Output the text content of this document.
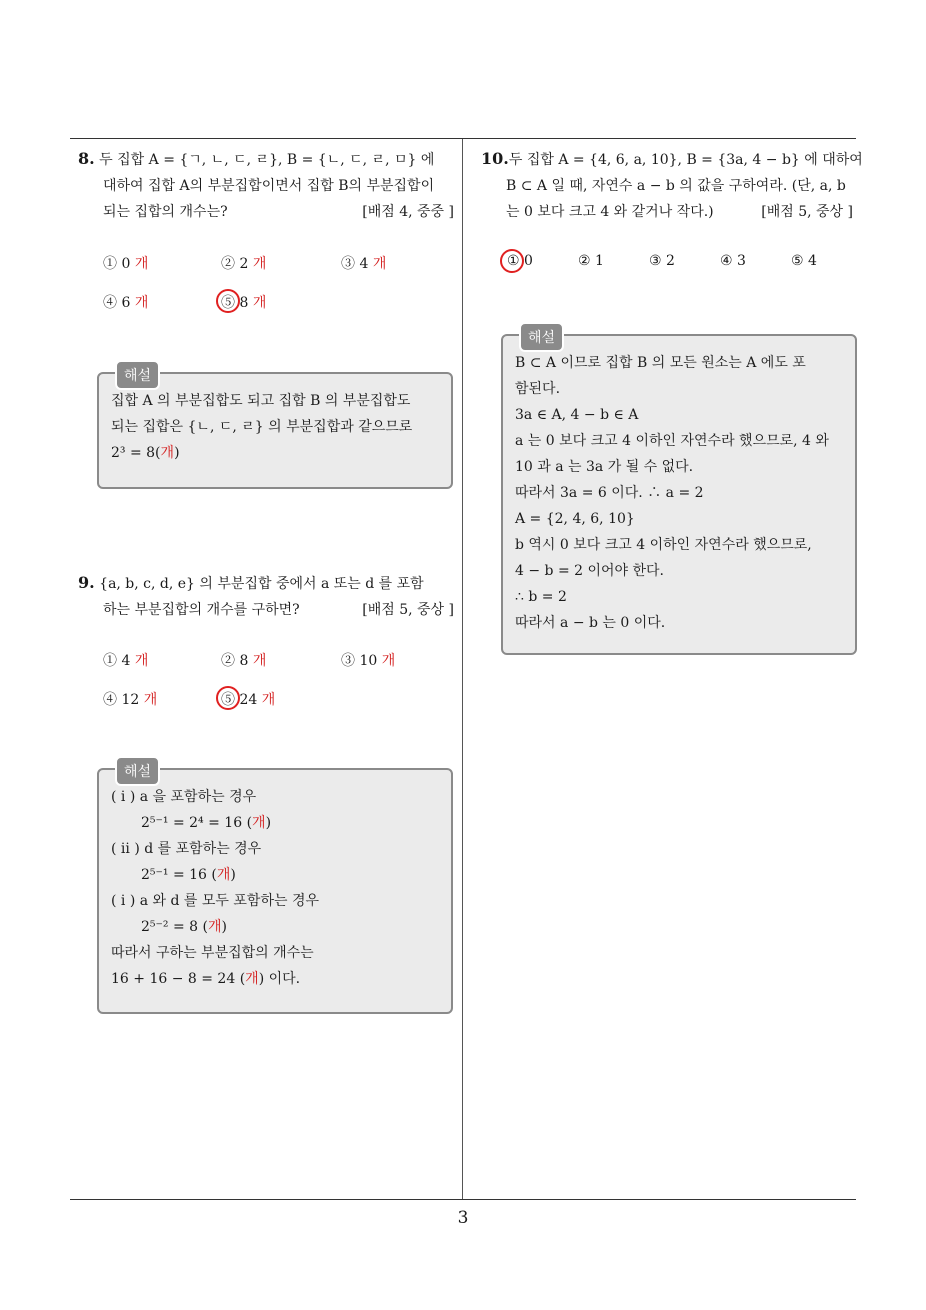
8. 두 집합 A = {ㄱ, ㄴ, ㄷ, ㄹ}, B = {ㄴ, ㄷ, ㄹ, ㅁ} 에
대하여 집합 A의 부분집합이면서 집합 B의 부분집합이
되는 집합의 개수는?	[배점 4, 중중 ]
① 0 개	② 2 개	③ 4 개
④ 6 개	⑤ 8 개
해설
집합 A 의 부분집합도 되고 집합 B 의 부분집합도
되는 집합은 {ㄴ, ㄷ, ㄹ} 의 부분집합과 같으므로
2³ = 8(개)
9. {a, b, c, d, e} 의 부분집합 중에서 a 또는 d 를 포함
하는 부분집합의 개수를 구하면?	[배점 5, 중상 ]
① 4 개	② 8 개	③ 10 개
④ 12 개	⑤ 24 개
해설
( i ) a 을 포함하는 경우
2⁵⁻¹ = 2⁴ = 16 (개)
( ii ) d 를 포함하는 경우
2⁵⁻¹ = 16 (개)
( i ) a 와 d 를 모두 포함하는 경우
2⁵⁻² = 8 (개)
따라서 구하는 부분집합의 개수는
16 + 16 − 8 = 24 (개) 이다.
10.두 집합 A = {4, 6, a, 10}, B = {3a, 4 − b} 에 대하여
B ⊂ A 일 때, 자연수 a − b 의 값을 구하여라. (단, a, b
는 0 보다 크고 4 와 같거나 작다.)	[배점 5, 중상 ]
① 0	② 1	③ 2	④ 3	⑤ 4
해설
B ⊂ A 이므로 집합 B 의 모든 원소는 A 에도 포
함된다.
3a ∈ A, 4 − b ∈ A
a 는 0 보다 크고 4 이하인 자연수라 했으므로, 4 와
10 과 a 는 3a 가 될 수 없다.
따라서 3a = 6 이다. ∴ a = 2
A = {2, 4, 6, 10}
b 역시 0 보다 크고 4 이하인 자연수라 했으므로,
4 − b = 2 이어야 한다.
∴ b = 2
따라서 a − b 는 0 이다.
3
